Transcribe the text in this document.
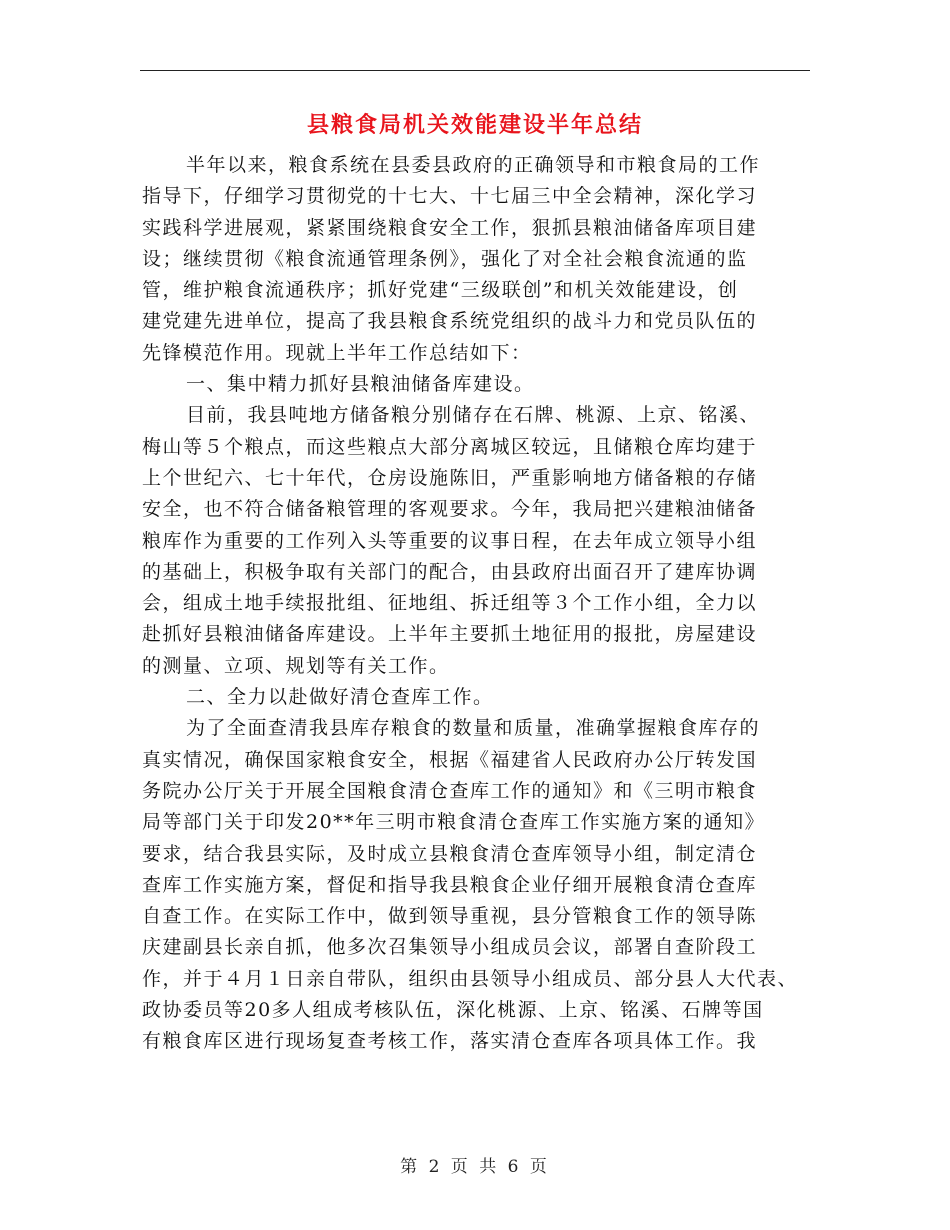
县粮食局机关效能建设半年总结
半年以来，粮食系统在县委县政府的正确领导和市粮食局的工作
指导下，仔细学习贯彻党的十七大、十七届三中全会精神，深化学习
实践科学进展观，紧紧围绕粮食安全工作，狠抓县粮油储备库项目建
设；继续贯彻《粮食流通管理条例》，强化了对全社会粮食流通的监
管，维护粮食流通秩序；抓好党建“三级联创”和机关效能建设，创
建党建先进单位，提高了我县粮食系统党组织的战斗力和党员队伍的
先锋模范作用。现就上半年工作总结如下：
一、集中精力抓好县粮油储备库建设。
目前，我县吨地方储备粮分别储存在石牌、桃源、上京、铭溪、
梅山等５个粮点，而这些粮点大部分离城区较远，且储粮仓库均建于
上个世纪六、七十年代，仓房设施陈旧，严重影响地方储备粮的存储
安全，也不符合储备粮管理的客观要求。今年，我局把兴建粮油储备
粮库作为重要的工作列入头等重要的议事日程，在去年成立领导小组
的基础上，积极争取有关部门的配合，由县政府出面召开了建库协调
会，组成土地手续报批组、征地组、拆迁组等３个工作小组，全力以
赴抓好县粮油储备库建设。上半年主要抓土地征用的报批，房屋建设
的测量、立项、规划等有关工作。
二、全力以赴做好清仓查库工作。
为了全面查清我县库存粮食的数量和质量，准确掌握粮食库存的
真实情况，确保国家粮食安全，根据《福建省人民政府办公厅转发国
务院办公厅关于开展全国粮食清仓查库工作的通知》和《三明市粮食
局等部门关于印发20**年三明市粮食清仓查库工作实施方案的通知》
要求，结合我县实际，及时成立县粮食清仓查库领导小组，制定清仓
查库工作实施方案，督促和指导我县粮食企业仔细开展粮食清仓查库
自查工作。在实际工作中，做到领导重视，县分管粮食工作的领导陈
庆建副县长亲自抓，他多次召集领导小组成员会议，部署自查阶段工
作，并于４月１日亲自带队，组织由县领导小组成员、部分县人大代表、
政协委员等20多人组成考核队伍，深化桃源、上京、铭溪、石牌等国
有粮食库区进行现场复查考核工作，落实清仓查库各项具体工作。我
第 2 页 共 6 页
